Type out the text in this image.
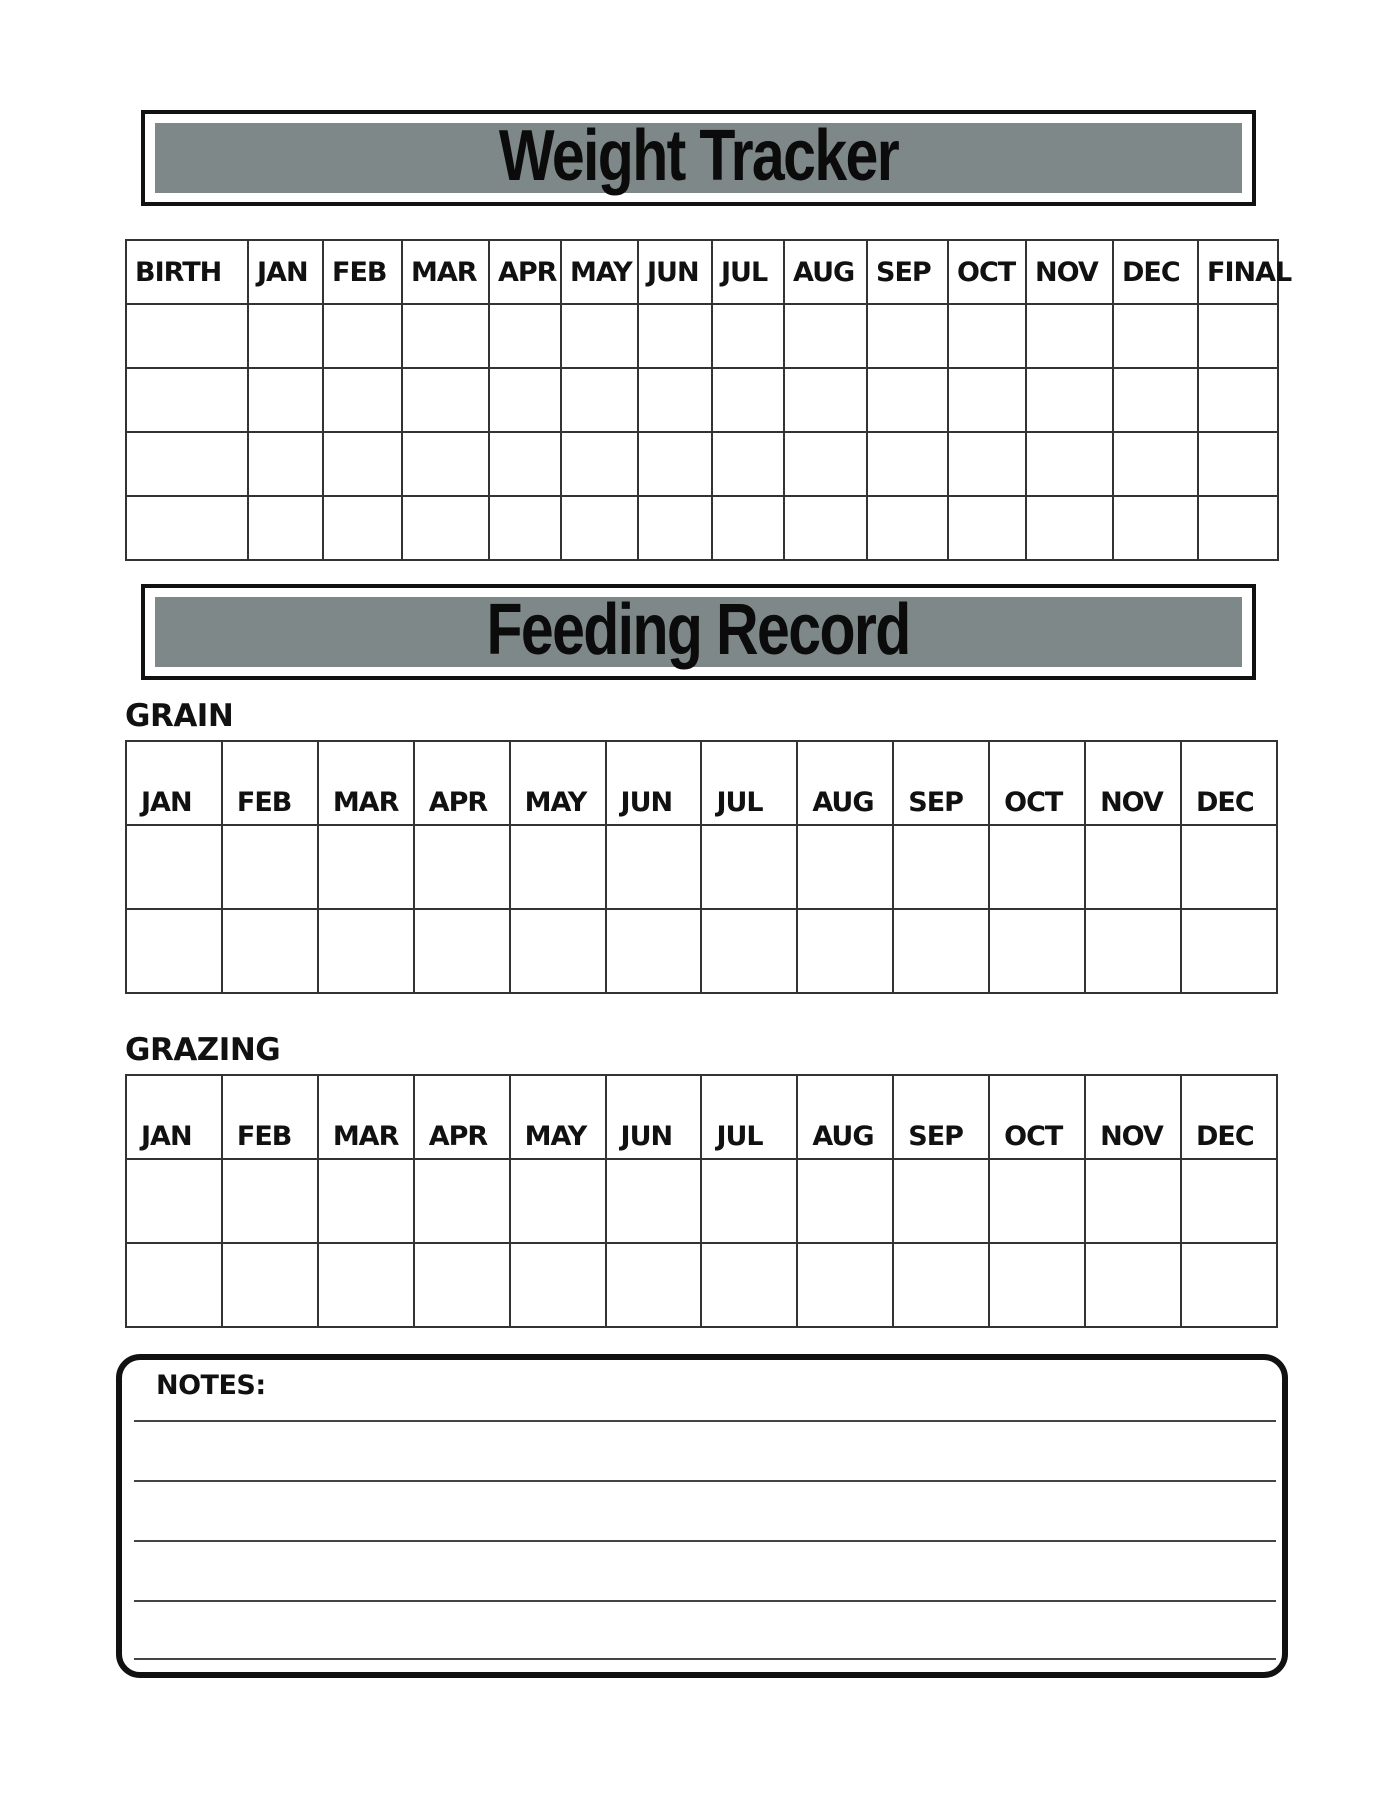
Weight Tracker
BIRTH	JAN	FEB	MAR	APR	MAY	JUN	JUL	AUG	SEP	OCT	NOV	DEC	FINAL

Feeding Record
GRAIN
JAN	FEB	MAR	APR	MAY	JUN	JUL	AUG	SEP	OCT	NOV	DEC

GRAZING
JAN	FEB	MAR	APR	MAY	JUN	JUL	AUG	SEP	OCT	NOV	DEC

NOTES:
